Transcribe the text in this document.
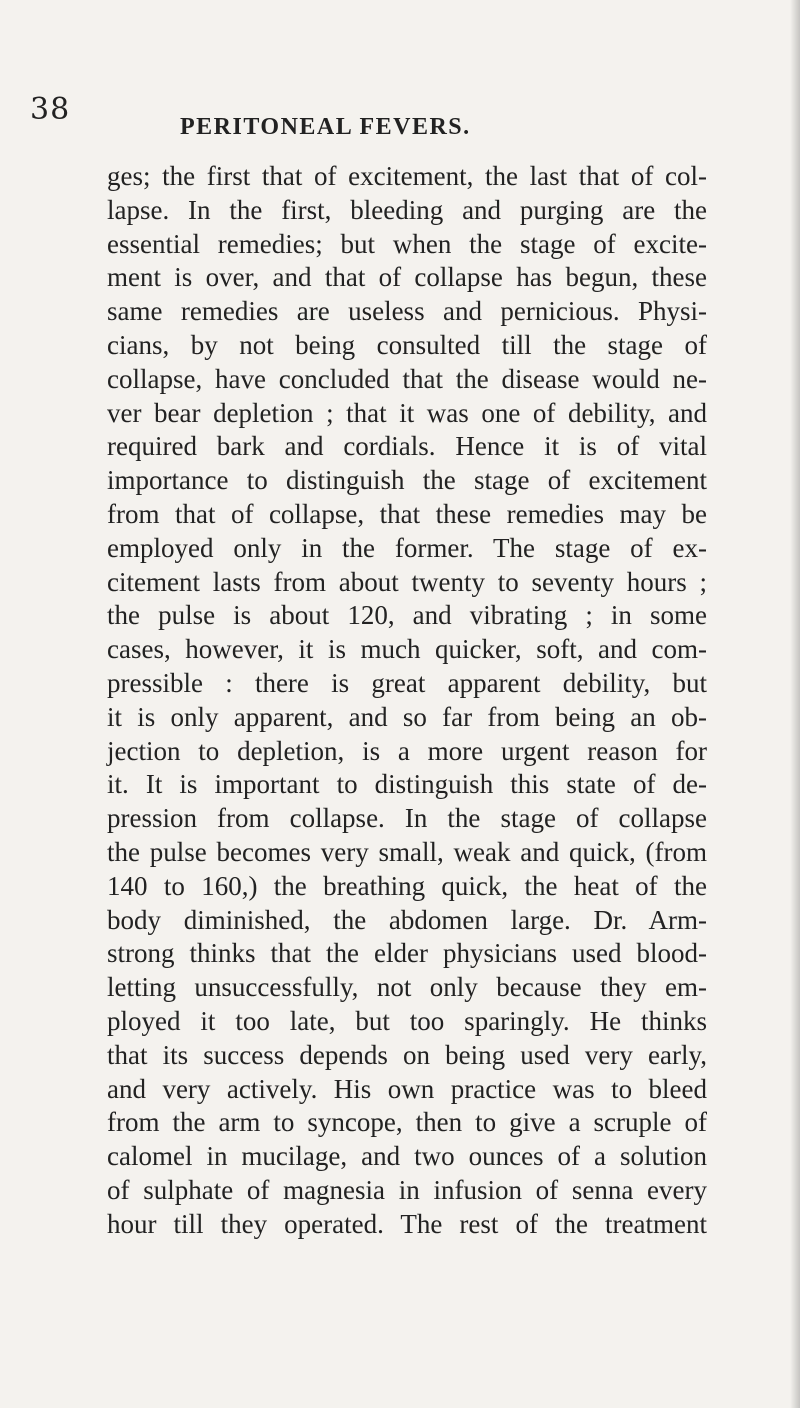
38	PERITONEAL FEVERS.
ges; the first that of excitement, the last that of col-
lapse. In the first, bleeding and purging are the
essential remedies; but when the stage of excite-
ment is over, and that of collapse has begun, these
same remedies are useless and pernicious. Physi-
cians, by not being consulted till the stage of
collapse, have concluded that the disease would ne-
ver bear depletion ; that it was one of debility, and
required bark and cordials. Hence it is of vital
importance to distinguish the stage of excitement
from that of collapse, that these remedies may be
employed only in the former. The stage of ex-
citement lasts from about twenty to seventy hours ;
the pulse is about 120, and vibrating ; in some
cases, however, it is much quicker, soft, and com-
pressible : there is great apparent debility, but
it is only apparent, and so far from being an ob-
jection to depletion, is a more urgent reason for
it. It is important to distinguish this state of de-
pression from collapse. In the stage of collapse
the pulse becomes very small, weak and quick, (from
140 to 160,) the breathing quick, the heat of the
body diminished, the abdomen large. Dr. Arm-
strong thinks that the elder physicians used blood-
letting unsuccessfully, not only because they em-
ployed it too late, but too sparingly. He thinks
that its success depends on being used very early,
and very actively. His own practice was to bleed
from the arm to syncope, then to give a scruple of
calomel in mucilage, and two ounces of a solution
of sulphate of magnesia in infusion of senna every
hour till they operated. The rest of the treatment
